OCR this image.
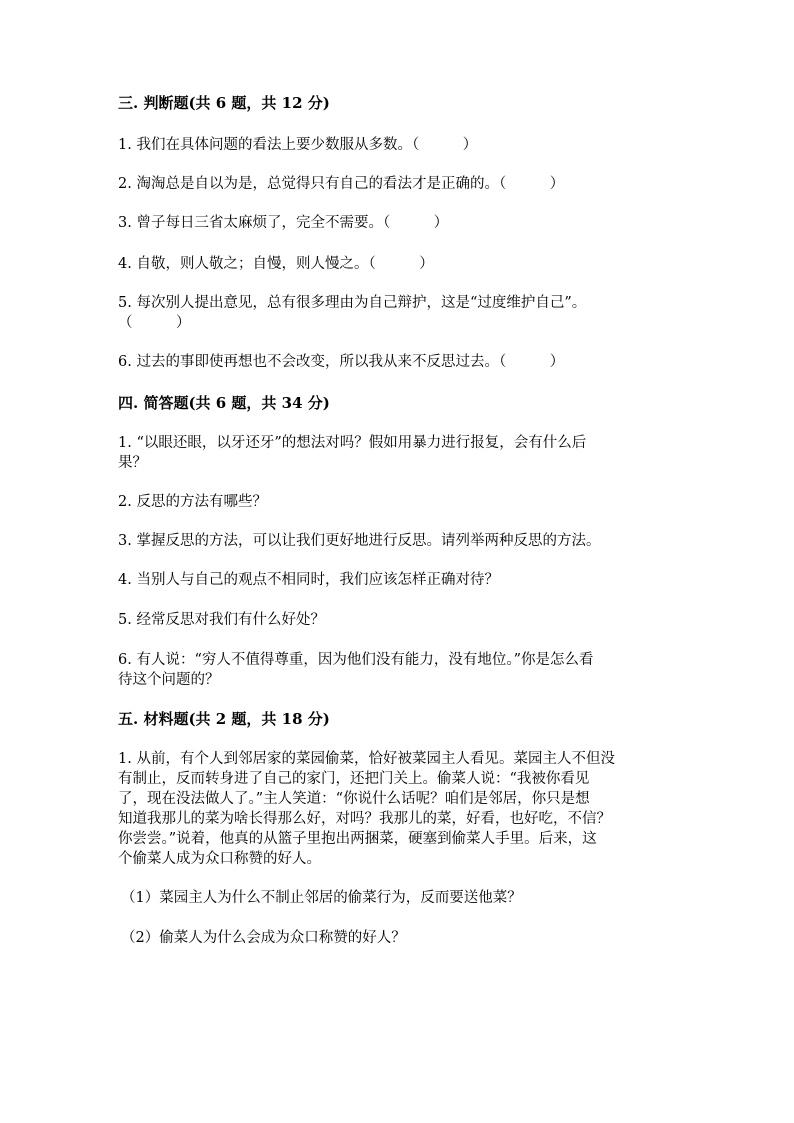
三. 判断题(共 6 题，共 12 分)

1. 我们在具体问题的看法上要少数服从多数。（　　　）

2. 淘淘总是自以为是，总觉得只有自己的看法才是正确的。（　　　）

3. 曾子每日三省太麻烦了，完全不需要。（　　　）

4. 自敬，则人敬之；自慢，则人慢之。（　　　）

5. 每次别人提出意见，总有很多理由为自己辩护，这是“过度维护自己”。

（　　　）

6. 过去的事即使再想也不会改变，所以我从来不反思过去。（　　　）

四. 简答题(共 6 题，共 34 分)

1. “以眼还眼，以牙还牙”的想法对吗？假如用暴力进行报复，会有什么后

果？

2. 反思的方法有哪些？

3. 掌握反思的方法，可以让我们更好地进行反思。请列举两种反思的方法。

4. 当别人与自己的观点不相同时，我们应该怎样正确对待？

5. 经常反思对我们有什么好处？

6. 有人说：“穷人不值得尊重，因为他们没有能力，没有地位。”你是怎么看

待这个问题的？

五. 材料题(共 2 题，共 18 分)

1. 从前，有个人到邻居家的菜园偷菜，恰好被菜园主人看见。菜园主人不但没

有制止，反而转身进了自己的家门，还把门关上。偷菜人说：“我被你看见

了，现在没法做人了。”主人笑道：“你说什么话呢？咱们是邻居，你只是想

知道我那儿的菜为啥长得那么好，对吗？我那儿的菜，好看，也好吃，不信？

你尝尝。”说着，他真的从篮子里抱出两捆菜，硬塞到偷菜人手里。后来，这

个偷菜人成为众口称赞的好人。

（1）菜园主人为什么不制止邻居的偷菜行为，反而要送他菜？

（2）偷菜人为什么会成为众口称赞的好人？
